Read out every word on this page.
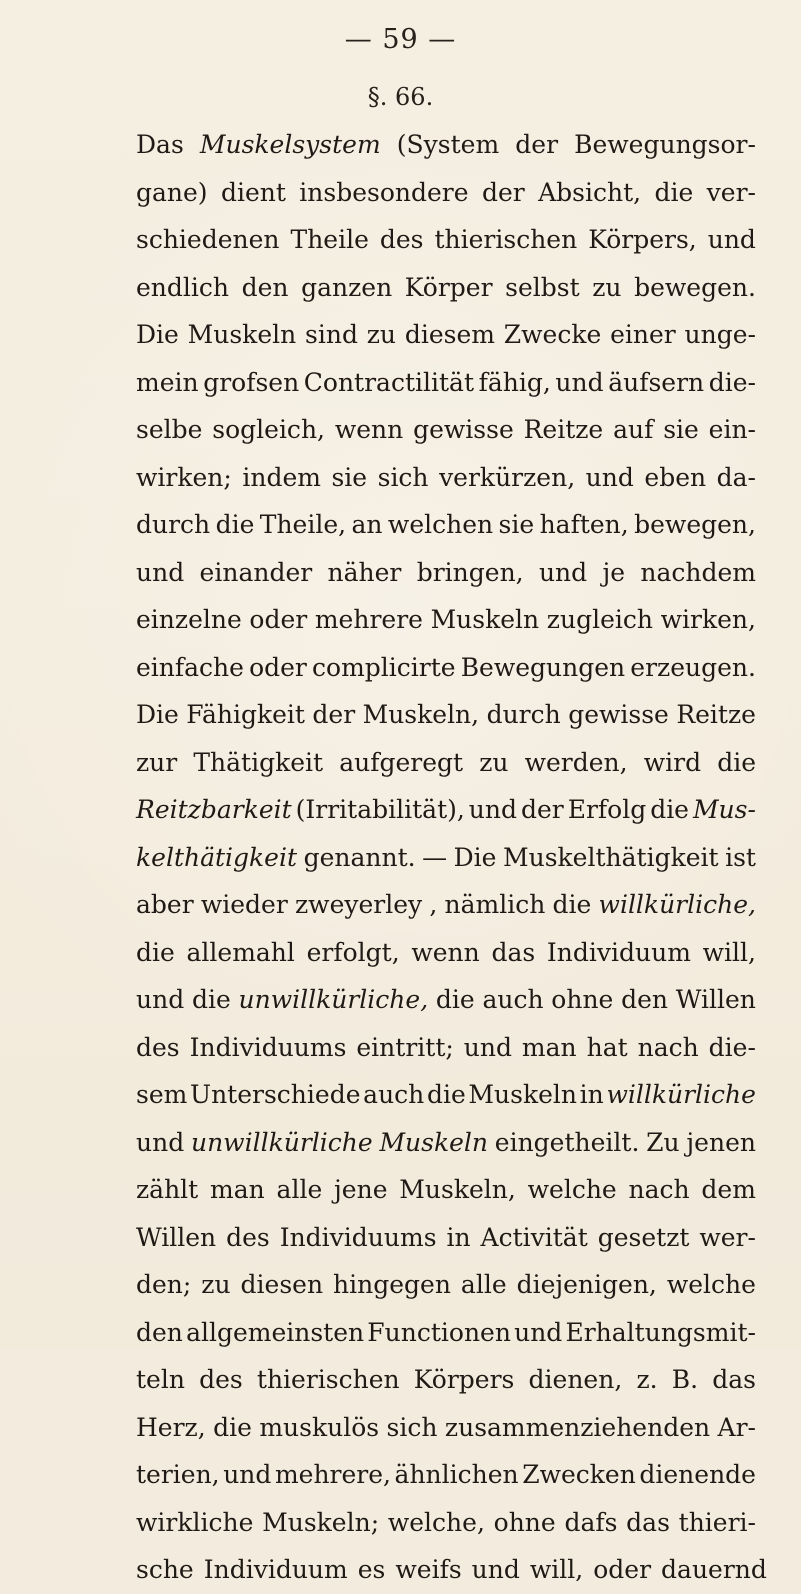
— 59 —
§. 66.
Das Muskelsystem (System der Bewegungsor-
gane) dient insbesondere der Absicht, die ver-
schiedenen Theile des thierischen Körpers, und
endlich den ganzen Körper selbst zu bewegen.
Die Muskeln sind zu diesem Zwecke einer unge-
mein grofsen Contractilität fähig, und äufsern die-
selbe sogleich, wenn gewisse Reitze auf sie ein-
wirken; indem sie sich verkürzen, und eben da-
durch die Theile, an welchen sie haften, bewegen,
und einander näher bringen, und je nachdem
einzelne oder mehrere Muskeln zugleich wirken,
einfache oder complicirte Bewegungen erzeugen.
Die Fähigkeit der Muskeln, durch gewisse Reitze
zur Thätigkeit aufgeregt zu werden, wird die
Reitzbarkeit (Irritabilität), und der Erfolg die Mus-
kelthätigkeit genannt. — Die Muskelthätigkeit ist
aber wieder zweyerley , nämlich die willkürliche,
die allemahl erfolgt, wenn das Individuum will,
und die unwillkürliche, die auch ohne den Willen
des Individuums eintritt; und man hat nach die-
sem Unterschiede auch die Muskeln in willkürliche
und unwillkürliche Muskeln eingetheilt. Zu jenen
zählt man alle jene Muskeln, welche nach dem
Willen des Individuums in Activität gesetzt wer-
den; zu diesen hingegen alle diejenigen, welche
den allgemeinsten Functionen und Erhaltungsmit-
teln des thierischen Körpers dienen, z. B. das
Herz, die muskulös sich zusammenziehenden Ar-
terien, und mehrere, ähnlichen Zwecken dienende
wirkliche Muskeln; welche, ohne dafs das thieri-
sche Individuum es weifs und will, oder dauernd
